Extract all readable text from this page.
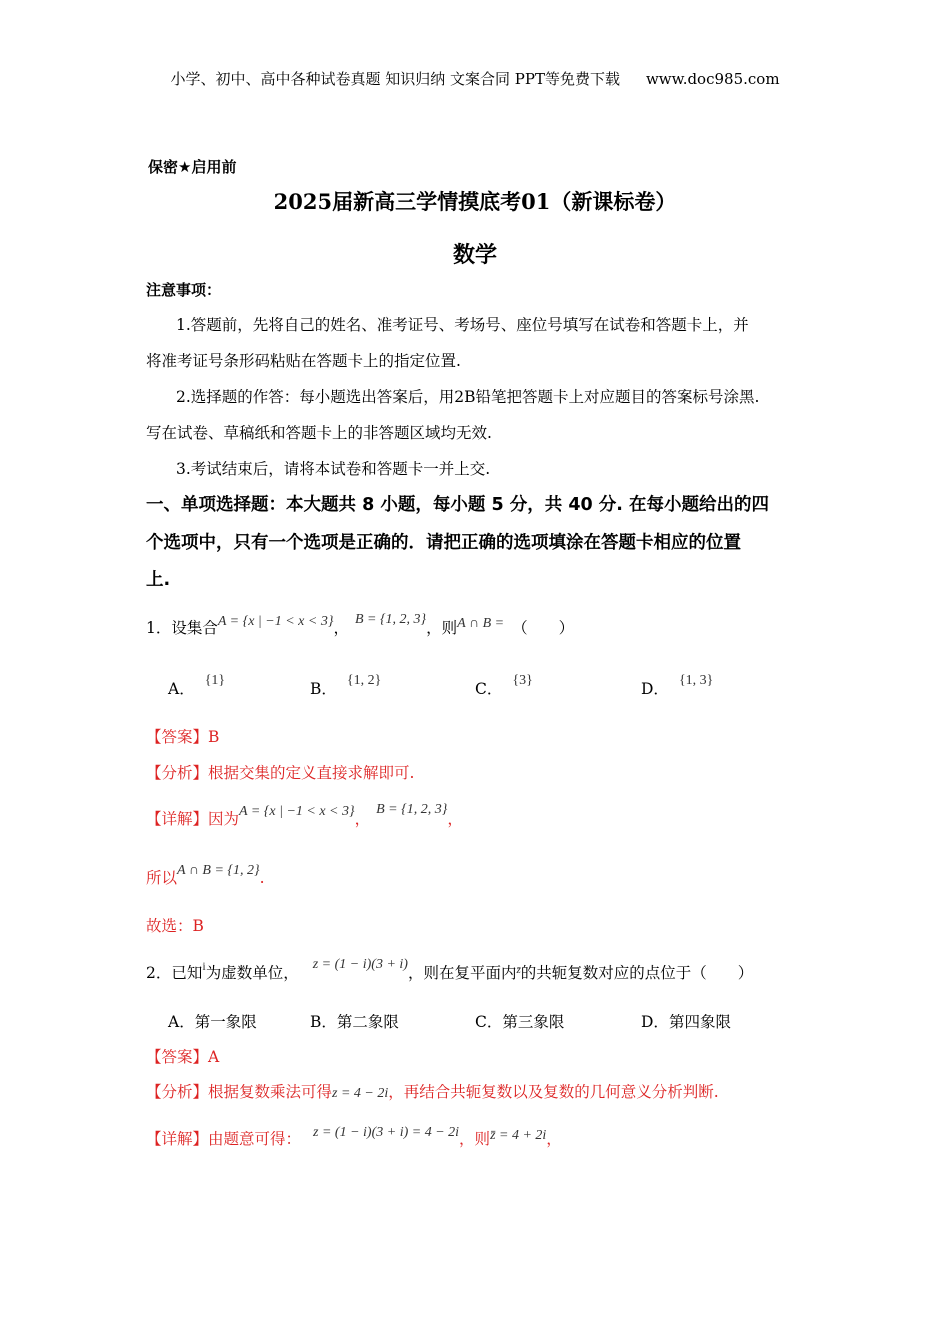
小学、初中、高中各种试卷真题 知识归纳 文案合同 PPT等免费下载 www.doc985.com
保密★启用前
2025届新高三学情摸底考01（新课标卷）
数学
注意事项：
1.答题前，先将自己的姓名、准考证号、考场号、座位号填写在试卷和答题卡上，并
将准考证号条形码粘贴在答题卡上的指定位置.
2.选择题的作答：每小题选出答案后，用2B铅笔把答题卡上对应题目的答案标号涂黑.
写在试卷、草稿纸和答题卡上的非答题区域均无效.
3.考试结束后，请将本试卷和答题卡一并上交.
一、单项选择题：本大题共 8 小题，每小题 5 分，共 40 分. 在每小题给出的四
个选项中，只有一个选项是正确的．请把正确的选项填涂在答题卡相应的位置
上.
1．设集合A = {x | −1 < x < 3}， B = {1, 2, 3}，则A ∩ B = （　　）
A． {1}	B． {1, 2}	C． {3}	D． {1, 3}
【答案】B
【分析】根据交集的定义直接求解即可.
【详解】因为A = {x | −1 < x < 3}，B = {1, 2, 3}，
所以A ∩ B = {1, 2}.
故选：B
2．已知$^i$为虚数单位， z = (1 − i)(3 + i)，则在复平面内$^{z̄}$的共轭复数对应的点位于（　　）
A．第一象限	B．第二象限	C．第三象限	D．第四象限
【答案】A
【分析】根据复数乘法可得z = 4 − 2i，再结合共轭复数以及复数的几何意义分析判断.
【详解】由题意可得： z = (1 − i)(3 + i) = 4 − 2i，则z̄ = 4 + 2i，
